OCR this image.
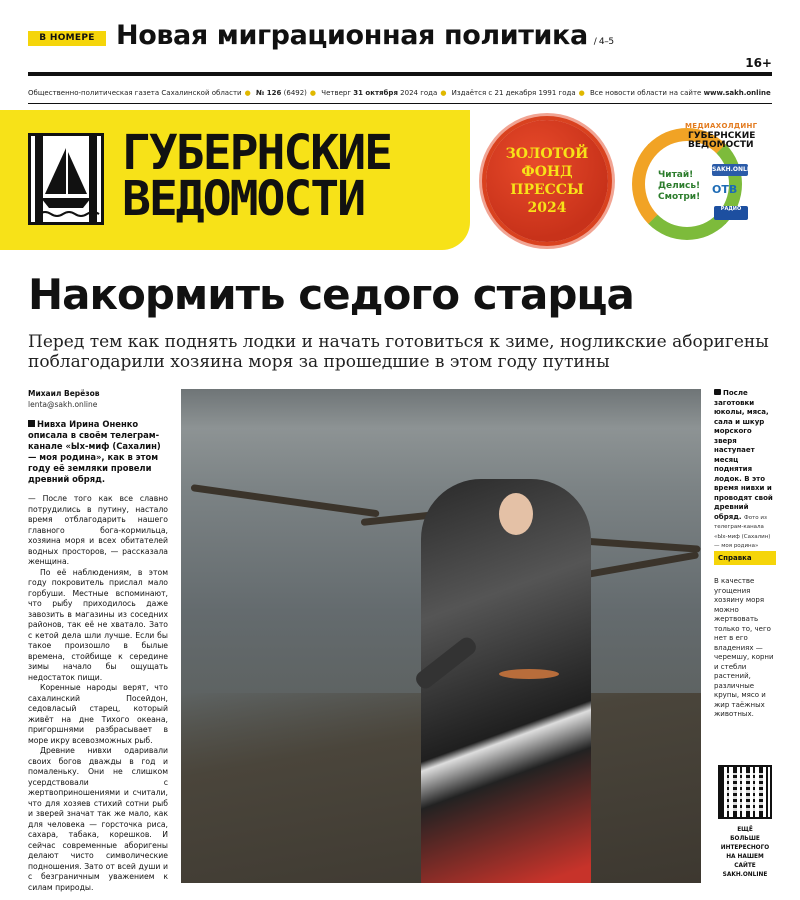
В НОМЕРЕ Новая миграционная политика / 4–5
16+
Общественно-политическая газета Сахалинской области ● № 126 (6492) ● Четверг 31 октября 2024 года ● Издаётся с 21 декабря 1991 года ● Все новости области на сайте www.sakh.online
ГУБЕРНСКИЕ
ВЕДОМОСТИ
ЗОЛОТОЙ
ФОНД
ПРЕССЫ
2024
МЕДИАХОЛДИНГ
ГУБЕРНСКИЕ
ВЕДОМОСТИ
Читай!
Делись!
Смотри!
SAKH.ONLINE
ОТВ
РАДИО
Накормить седого старца
Перед тем как поднять лодки и начать готовиться к зиме, нogликские аборигены поблагодарили хозяина моря за прошедшие в этом году путины
Михаил Верёзов
lenta@sakh.online
Нивха Ирина Оненко описала в своём телеграм-канале «Ыx-миф (Сахалин) — моя родина», как в этом году её земляки провели древний обряд.

— После того как все славно потрудились в путину, настало время отблагодарить нашего главного бога-кормильца, хозяина моря и всех обитателей водных просторов, — рассказала женщина.

По её наблюдениям, в этом году покровитель прислал мало горбуши. Местные вспоминают, что рыбу приходилось даже завозить в магазины из соседних районов, так её не хватало. Зато с кетой дела шли лучше. Если бы такое произошло в былые времена, стойбище к середине зимы начало бы ощущать недостаток пищи.

Коренные народы верят, что сахалинский Посейдон, седовласый старец, который живёт на дне Тихого океана, пригоршнями разбрасывает в море икру всевозможных рыб.

Древние нивхи одаривали своих богов дважды в год и помаленьку. Они не слишком усердствовали с жертвоприношениями и считали, что для хозяев стихий сотни рыб и зверей значат так же мало, как для человека — горсточка риса, сахара, табака, корешков. И сейчас современные аборигены делают чисто символические подношения. Зато от всей души и с безграничным уважением к силам природы.

После заготовки юколы, мяса, сала и шкур морского зверя наступает месяц поднятия лодок. В это время нивхи и проводят свой древний обряд. Фото из телеграм-канала «Ыx-миф (Сахалин) — моя родина»
Справка
В качестве угощения хозяину моря можно жертвовать только то, чего нет в его владениях — черемшу, корни и стебли растений, различные крупы, мясо и жир таёжных животных.
ЕЩЁ
БОЛЬШЕ
ИНТЕРЕСНОГО
НА НАШЕМ
САЙТЕ
SAKH.ONLINE
